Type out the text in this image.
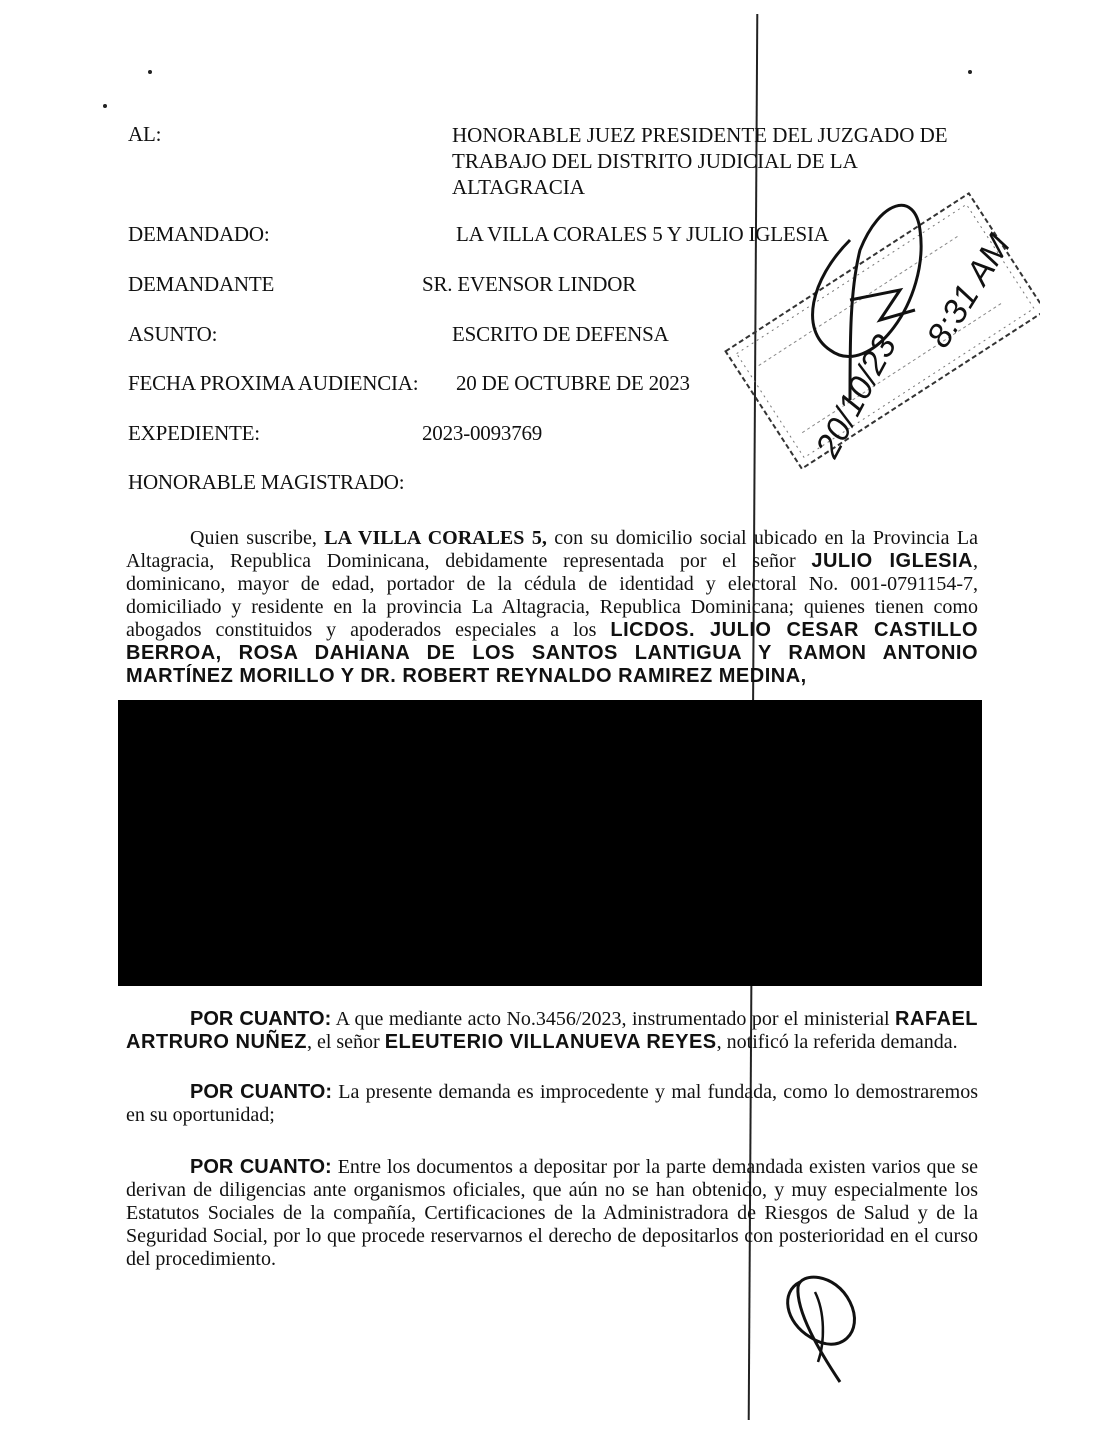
AL:	HONORABLE JUEZ PRESIDENTE DEL JUZGADO DE
TRABAJO DEL DISTRITO JUDICIAL DE LA
ALTAGRACIA
DEMANDADO:	LA VILLA CORALES 5 Y JULIO IGLESIA
DEMANDANTE	SR. EVENSOR LINDOR
ASUNTO:	ESCRITO DE DEFENSA
FECHA PROXIMA AUDIENCIA: 20 DE OCTUBRE DE 2023
EXPEDIENTE:	2023-0093769
HONORABLE MAGISTRADO:
20/10/23
8:31 AM
Quien suscribe, LA VILLA CORALES 5, con su domicilio social ubicado en la Provincia La Altagracia, Republica Dominicana, debidamente representada por el señor JULIO IGLESIA, dominicano, mayor de edad, portador de la cédula de identidad y electoral No. 001-0791154-7, domiciliado y residente en la provincia La Altagracia, Republica Dominicana; quienes tienen como abogados constituidos y apoderados especiales a los LICDOS. JULIO CESAR CASTILLO BERROA, ROSA DAHIANA DE LOS SANTOS LANTIGUA Y RAMON ANTONIO MARTÍNEZ MORILLO Y DR. ROBERT REYNALDO RAMIREZ MEDINA,
POR CUANTO: A que mediante acto No.3456/2023, instrumentado por el ministerial RAFAEL ARTRURO NUÑEZ, el señor ELEUTERIO VILLANUEVA REYES, notificó la referida demanda.
POR CUANTO: La presente demanda es improcedente y mal fundada, como lo demostraremos en su oportunidad;
POR CUANTO: Entre los documentos a depositar por la parte demandada existen varios que se derivan de diligencias ante organismos oficiales, que aún no se han obtenido, y muy especialmente los Estatutos Sociales de la compañía, Certificaciones de la Administradora de Riesgos de Salud y de la Seguridad Social, por lo que procede reservarnos el derecho de depositarlos con posterioridad en el curso del procedimiento.
